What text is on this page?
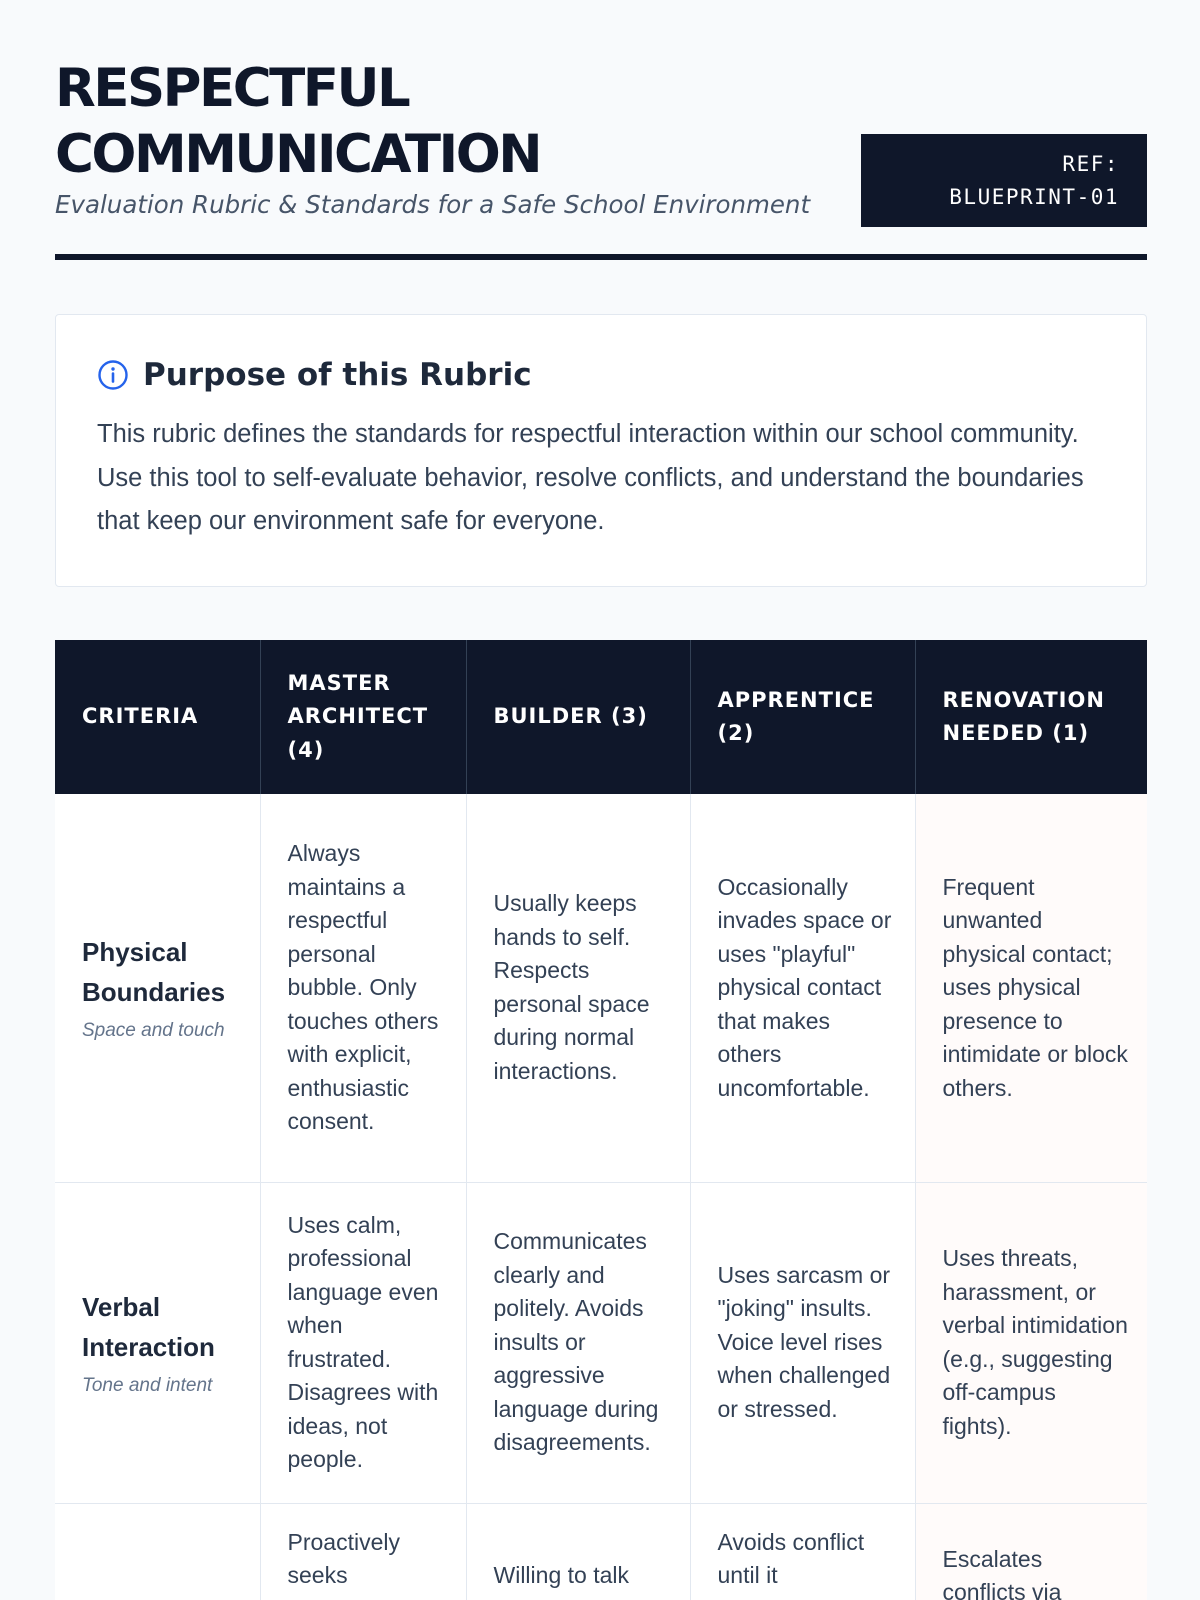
RESPECTFUL
COMMUNICATION
Evaluation Rubric & Standards for a Safe School Environment
REF:
BLUEPRINT-01
Purpose of this Rubric

This rubric defines the standards for respectful interaction within our school community. Use this tool to self-evaluate behavior, resolve conflicts, and understand the boundaries that keep our environment safe for everyone.

CRITERIA	MASTER ARCHITECT (4)	BUILDER (3)	APPRENTICE (2)	RENOVATION NEEDED (1)

Physical Boundaries
Space and touch	Always maintains a respectful personal bubble. Only touches others with explicit, enthusiastic consent.	Usually keeps hands to self. Respects personal space during normal interactions.	Occasionally invades space or uses "playful" physical contact that makes others uncomfortable.	Frequent unwanted physical contact; uses physical presence to intimidate or block others.

Verbal Interaction
Tone and intent	Uses calm, professional language even when frustrated. Disagrees with ideas, not people.	Communicates clearly and politely. Avoids insults or aggressive language during disagreements.	Uses sarcasm or "joking" insults. Voice level rises when challenged or stressed.	Uses threats, harassment, or verbal intimidation (e.g., suggesting off-campus fights).

	Proactively seeks	Willing to talk	Avoids conflict until it	Escalates conflicts via
